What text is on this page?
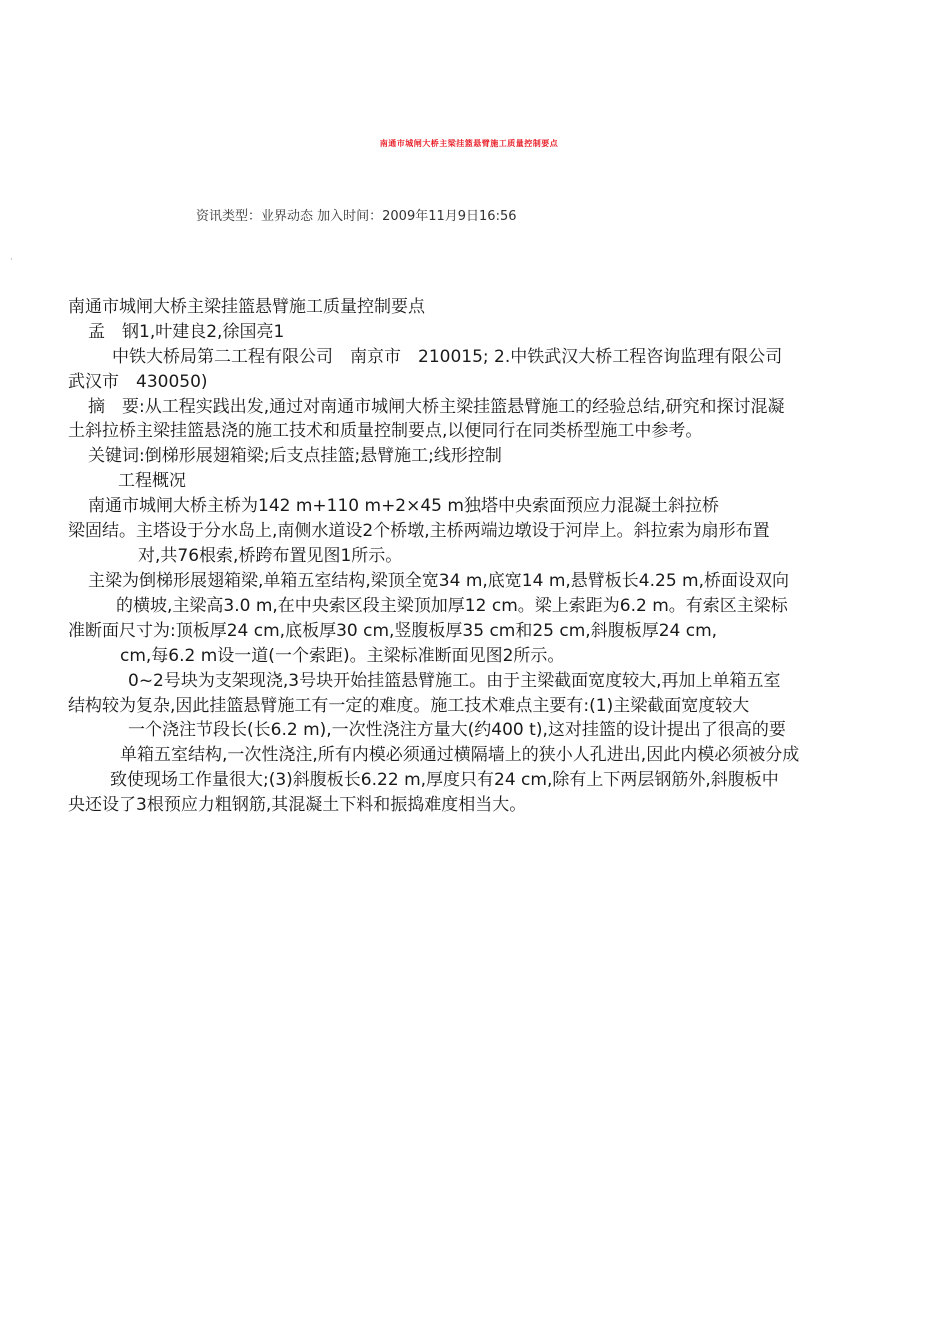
南通市城闸大桥主梁挂篮悬臂施工质量控制要点
资讯类型：业界动态 加入时间：2009年11月9日16:56
·
南通市城闸大桥主梁挂篮悬臂施工质量控制要点
孟　钢1,叶建良2,徐国亮1
中铁大桥局第二工程有限公司　南京市　210015; 2.中铁武汉大桥工程咨询监理有限公司
武汉市　430050)
摘　要:从工程实践出发,通过对南通市城闸大桥主梁挂篮悬臂施工的经验总结,研究和探讨混凝
土斜拉桥主梁挂篮悬浇的施工技术和质量控制要点,以便同行在同类桥型施工中参考。
关键词:倒梯形展翅箱梁;后支点挂篮;悬臂施工;线形控制
工程概况
南通市城闸大桥主桥为142 m+110 m+2×45 m独塔中央索面预应力混凝土斜拉桥
梁固结。主塔设于分水岛上,南侧水道设2个桥墩,主桥两端边墩设于河岸上。斜拉索为扇形布置
对,共76根索,桥跨布置见图1所示。
主梁为倒梯形展翅箱梁,单箱五室结构,梁顶全宽34 m,底宽14 m,悬臂板长4.25 m,桥面设双向
的横坡,主梁高3.0 m,在中央索区段主梁顶加厚12 cm。梁上索距为6.2 m。有索区主梁标
准断面尺寸为:顶板厚24 cm,底板厚30 cm,竖腹板厚35 cm和25 cm,斜腹板厚24 cm,
cm,每6.2 m设一道(一个索距)。主梁标准断面见图2所示。
0~2号块为支架现浇,3号块开始挂篮悬臂施工。由于主梁截面宽度较大,再加上单箱五室
结构较为复杂,因此挂篮悬臂施工有一定的难度。施工技术难点主要有:(1)主梁截面宽度较大
一个浇注节段长(长6.2 m),一次性浇注方量大(约400 t),这对挂篮的设计提出了很高的要
单箱五室结构,一次性浇注,所有内模必须通过横隔墙上的狭小人孔进出,因此内模必须被分成
致使现场工作量很大;(3)斜腹板长6.22 m,厚度只有24 cm,除有上下两层钢筋外,斜腹板中
央还设了3根预应力粗钢筋,其混凝土下料和振捣难度相当大。
